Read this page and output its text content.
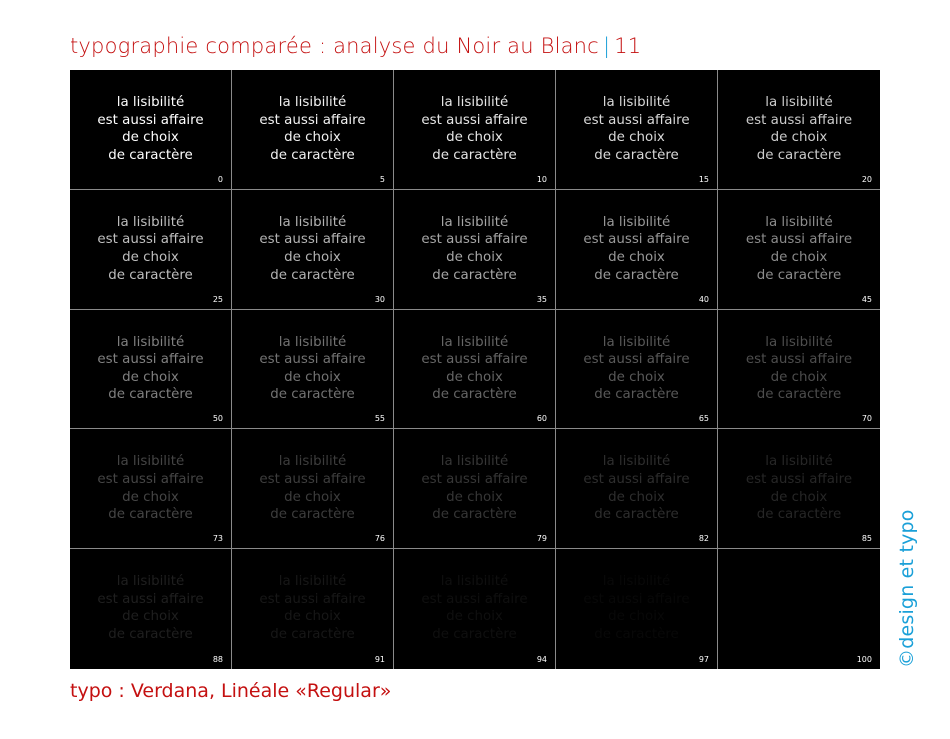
typographie comparée : analyse du Noir au Blanc | 11
la lisibilité
est aussi affaire
de choix
de caractère
0
la lisibilité
est aussi affaire
de choix
de caractère
5
la lisibilité
est aussi affaire
de choix
de caractère
10
la lisibilité
est aussi affaire
de choix
de caractère
15
la lisibilité
est aussi affaire
de choix
de caractère
20
la lisibilité
est aussi affaire
de choix
de caractère
25
la lisibilité
est aussi affaire
de choix
de caractère
30
la lisibilité
est aussi affaire
de choix
de caractère
35
la lisibilité
est aussi affaire
de choix
de caractère
40
la lisibilité
est aussi affaire
de choix
de caractère
45
la lisibilité
est aussi affaire
de choix
de caractère
50
la lisibilité
est aussi affaire
de choix
de caractère
55
la lisibilité
est aussi affaire
de choix
de caractère
60
la lisibilité
est aussi affaire
de choix
de caractère
65
la lisibilité
est aussi affaire
de choix
de caractère
70
la lisibilité
est aussi affaire
de choix
de caractère
73
la lisibilité
est aussi affaire
de choix
de caractère
76
la lisibilité
est aussi affaire
de choix
de caractère
79
la lisibilité
est aussi affaire
de choix
de caractère
82
la lisibilité
est aussi affaire
de choix
de caractère
85
la lisibilité
est aussi affaire
de choix
de caractère
88
la lisibilité
est aussi affaire
de choix
de caractère
91
la lisibilité
est aussi affaire
de choix
de caractère
94
la lisibilité
est aussi affaire
de choix
de caractère
97
la lisibilité
est aussi affaire
de choix
de caractère
100
typo : Verdana, Linéale «Regular»
©design et typo
